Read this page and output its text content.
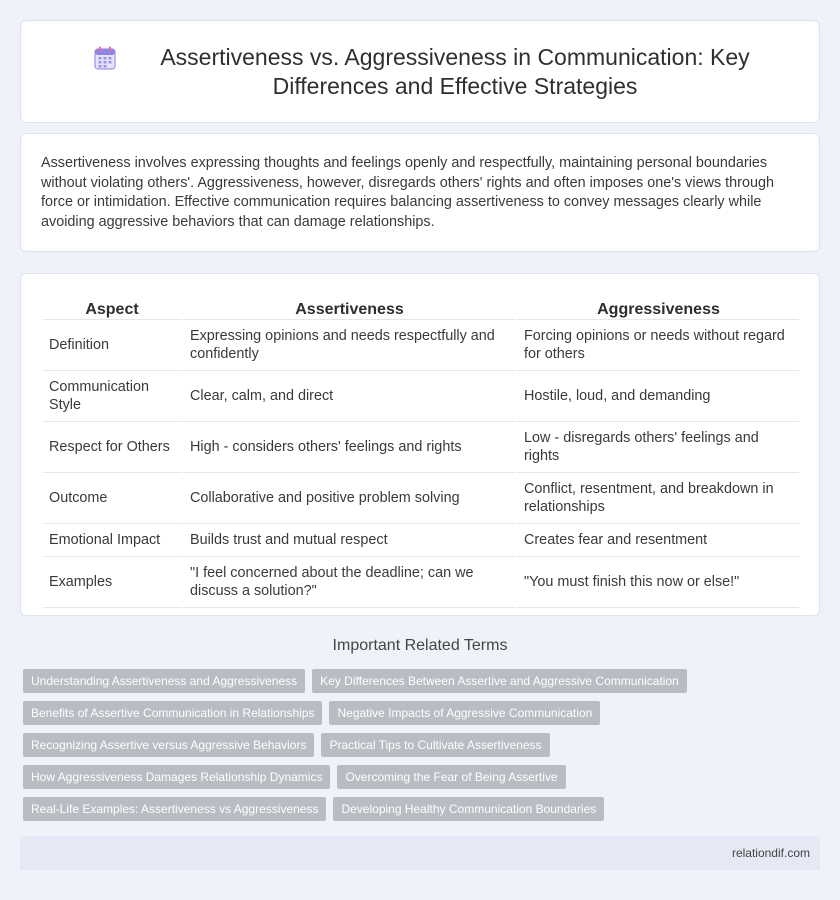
Assertiveness vs. Aggressiveness in Communication: Key Differences and Effective Strategies

Assertiveness involves expressing thoughts and feelings openly and respectfully, maintaining personal boundaries without violating others'. Aggressiveness, however, disregards others' rights and often imposes one's views through force or intimidation. Effective communication requires balancing assertiveness to convey messages clearly while avoiding aggressive behaviors that can damage relationships.

Aspect	Assertiveness	Aggressiveness
Definition	Expressing opinions and needs respectfully and confidently	Forcing opinions or needs without regard for others
Communication Style	Clear, calm, and direct	Hostile, loud, and demanding
Respect for Others	High - considers others' feelings and rights	Low - disregards others' feelings and rights
Outcome	Collaborative and positive problem solving	Conflict, resentment, and breakdown in relationships
Emotional Impact	Builds trust and mutual respect	Creates fear and resentment
Examples	"I feel concerned about the deadline; can we discuss a solution?"	"You must finish this now or else!"
Important Related Terms
Understanding Assertiveness and Aggressiveness	Key Differences Between Assertive and Aggressive Communication
Benefits of Assertive Communication in Relationships	Negative Impacts of Aggressive Communication
Recognizing Assertive versus Aggressive Behaviors	Practical Tips to Cultivate Assertiveness
How Aggressiveness Damages Relationship Dynamics	Overcoming the Fear of Being Assertive
Real-Life Examples: Assertiveness vs Aggressiveness	Developing Healthy Communication Boundaries
relationdif.com
